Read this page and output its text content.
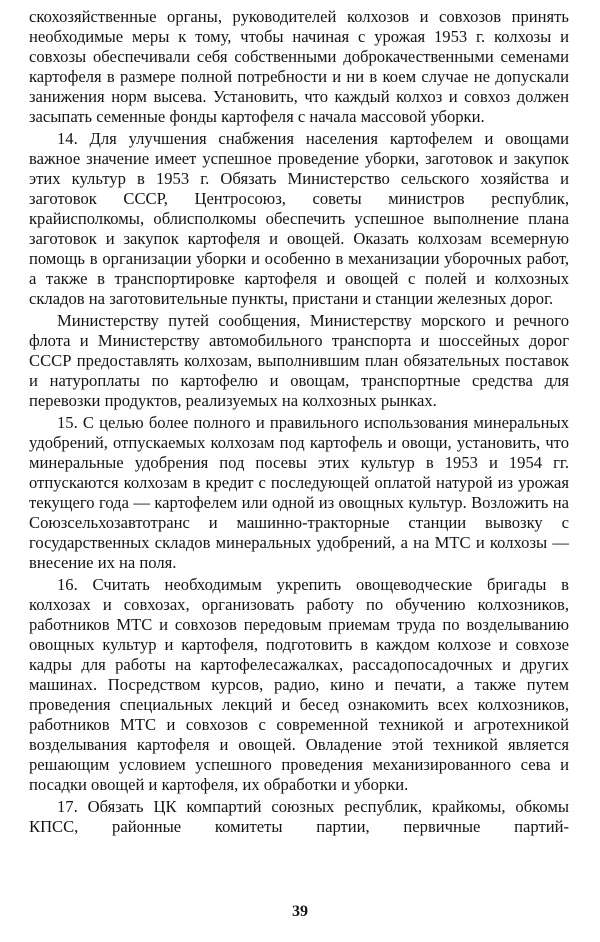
скохозяйственные органы, руководителей колхозов и совхозов принять необходимые меры к тому, чтобы начиная с урожая 1953 г. колхозы и совхозы обеспечивали себя собственными доброкачественными семенами картофеля в размере полной потребности и ни в коем случае не допускали занижения норм высева. Установить, что каждый колхоз и совхоз должен засыпать семенные фонды картофеля с начала массовой уборки.

14. Для улучшения снабжения населения картофелем и овощами важное значение имеет успешное проведение уборки, заготовок и закупок этих культур в 1953 г. Обязать Министерство сельского хозяйства и заготовок СССР, Центросоюз, советы министров республик, крайисполкомы, облисполкомы обеспечить успешное выполнение плана заготовок и закупок картофеля и овощей. Оказать колхозам всемерную помощь в организации уборки и особенно в механизации уборочных работ, а также в транспортировке картофеля и овощей с полей и колхозных складов на заготовительные пункты, пристани и станции железных дорог.

Министерству путей сообщения, Министерству морского и речного флота и Министерству автомобильного транспорта и шоссейных дорог СССР предоставлять колхозам, выполнившим план обязательных поставок и натуроплаты по картофелю и овощам, транспортные средства для перевозки продуктов, реализуемых на колхозных рынках.

15. С целью более полного и правильного использования минеральных удобрений, отпускаемых колхозам под картофель и овощи, установить, что минеральные удобрения под посевы этих культур в 1953 и 1954 гг. отпускаются колхозам в кредит с последующей оплатой натурой из урожая текущего года — картофелем или одной из овощных культур. Возложить на Союзсельхозавтотранс и машинно-тракторные станции вывозку с государственных складов минеральных удобрений, а на МТС и колхозы — внесение их на поля.

16. Считать необходимым укрепить овощеводческие бригады в колхозах и совхозах, организовать работу по обучению колхозников, работников МТС и совхозов передовым приемам труда по возделыванию овощных культур и картофеля, подготовить в каждом колхозе и совхозе кадры для работы на картофелесажалках, рассадопосадочных и других машинах. Посредством курсов, радио, кино и печати, а также путем проведения специальных лекций и бесед ознакомить всех колхозников, работников МТС и совхозов с современной техникой и агротехникой возделывания картофеля и овощей. Овладение этой техникой является решающим условием успешного проведения механизированного сева и посадки овощей и картофеля, их обработки и уборки.

17. Обязать ЦК компартий союзных республик, крайкомы, обкомы КПСС, районные комитеты партии, первичные партий-

39
